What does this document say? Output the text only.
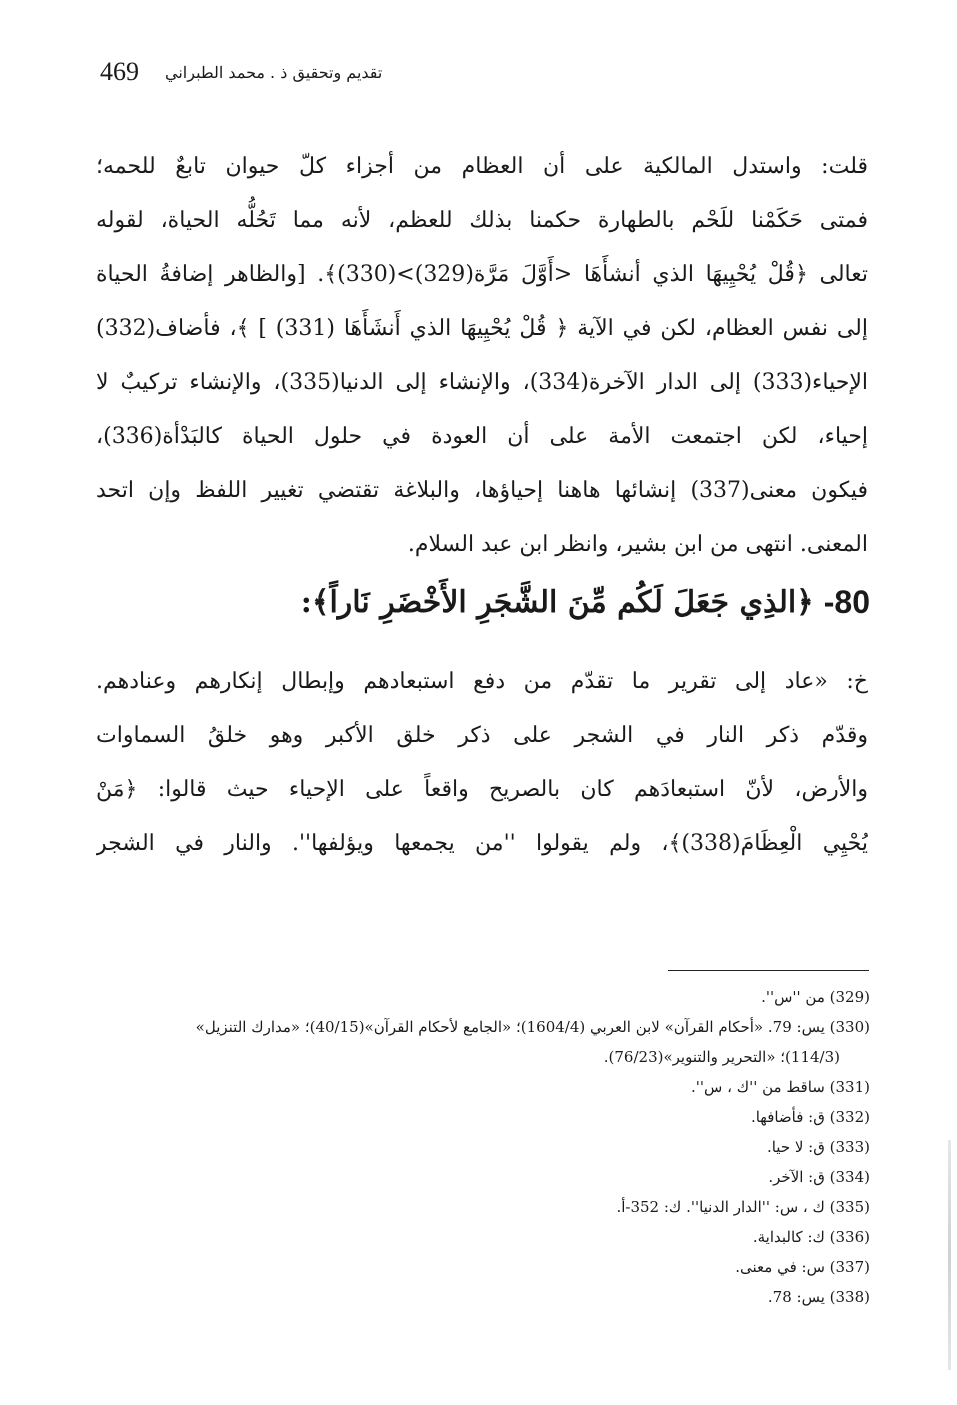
469 تقديم وتحقيق ذ . محمد الطبراني
قلت: واستدل المالكية على أن العظام من أجزاء كلّ حيوان تابعٌ للحمه؛
فمتى حَكَمْنا للَحْم بالطهارة حكمنا بذلك للعظم، لأنه مما تَحُلُّه الحياة، لقوله
تعالى ﴿قُلْ يُحْيِيهَا الذي أنشأَهَا <أَوَّلَ مَرَّة(329)>(330)﴾. [والظاهر إضافةُ الحياة
إلى نفس العظام، لكن في الآية ﴿ قُلْ يُحْيِيهَا الذي أَنشَأَهَا (331) ] ﴾، فأضاف(332)
الإحياء(333) إلى الدار الآخرة(334)، والإنشاء إلى الدنيا(335)، والإنشاء تركيبٌ لا
إحياء، لكن اجتمعت الأمة على أن العودة في حلول الحياة كالبَدْأة(336)،
فيكون معنى(337) إنشائها هاهنا إحياؤها، والبلاغة تقتضي تغيير اللفظ وإن اتحد
المعنى. انتهى من ابن بشير، وانظر ابن عبد السلام.
80-
﴿الذِي جَعَلَ لَكُم مِّنَ الشَّجَرِ الأَخْضَرِ نَاراً﴾:
خ: «عاد إلى تقرير ما تقدّم من دفع استبعادهم وإبطال إنكارهم وعنادهم.
وقدّم ذكر النار في الشجر على ذكر خلق الأكبر وهو خلقُ السماوات
والأرض، لأنّ استبعادَهم كان بالصريح واقعاً على الإحياء حيث قالوا: ﴿مَنْ
يُحْيِي الْعِظَامَ(338)﴾، ولم يقولوا ''من يجمعها ويؤلفها''. والنار في الشجر
(329) من ''س''.
(330) يس: 79. «أحكام القرآن» لابن العربي (1604/4)؛ «الجامع لأحكام القرآن»(40/15)؛ «مدارك التنزيل»
(114/3)؛ «التحرير والتنوير»(76/23).
(331) ساقط من ''ك ، س''.
(332) ق: فأضافها.
(333) ق: لا حيا.
(334) ق: الآخر.
(335) ك ، س: ''الدار الدنيا''. ك: 352-أ.
(336) ك: كالبداية.
(337) س: في معنى.
(338) يس: 78.
